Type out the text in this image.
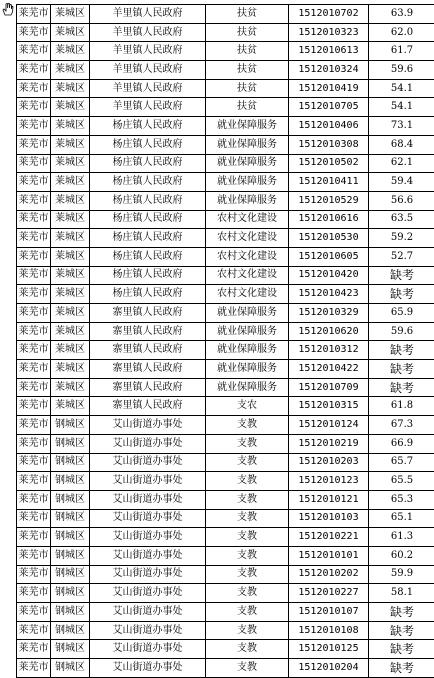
莱芜市	莱城区	羊里镇人民政府	扶贫	1512010702	63.9
莱芜市	莱城区	羊里镇人民政府	扶贫	1512010323	62.0
莱芜市	莱城区	羊里镇人民政府	扶贫	1512010613	61.7
莱芜市	莱城区	羊里镇人民政府	扶贫	1512010324	59.6
莱芜市	莱城区	羊里镇人民政府	扶贫	1512010419	54.1
莱芜市	莱城区	羊里镇人民政府	扶贫	1512010705	54.1
莱芜市	莱城区	杨庄镇人民政府	就业保障服务	1512010406	73.1
莱芜市	莱城区	杨庄镇人民政府	就业保障服务	1512010308	68.4
莱芜市	莱城区	杨庄镇人民政府	就业保障服务	1512010502	62.1
莱芜市	莱城区	杨庄镇人民政府	就业保障服务	1512010411	59.4
莱芜市	莱城区	杨庄镇人民政府	就业保障服务	1512010529	56.6
莱芜市	莱城区	杨庄镇人民政府	农村文化建设	1512010616	63.5
莱芜市	莱城区	杨庄镇人民政府	农村文化建设	1512010530	59.2
莱芜市	莱城区	杨庄镇人民政府	农村文化建设	1512010605	52.7
莱芜市	莱城区	杨庄镇人民政府	农村文化建设	1512010420	缺考
莱芜市	莱城区	杨庄镇人民政府	农村文化建设	1512010423	缺考
莱芜市	莱城区	寨里镇人民政府	就业保障服务	1512010329	65.9
莱芜市	莱城区	寨里镇人民政府	就业保障服务	1512010620	59.6
莱芜市	莱城区	寨里镇人民政府	就业保障服务	1512010312	缺考
莱芜市	莱城区	寨里镇人民政府	就业保障服务	1512010422	缺考
莱芜市	莱城区	寨里镇人民政府	就业保障服务	1512010709	缺考
莱芜市	莱城区	寨里镇人民政府	支农	1512010315	61.8
莱芜市	钢城区	艾山街道办事处	支教	1512010124	67.3
莱芜市	钢城区	艾山街道办事处	支教	1512010219	66.9
莱芜市	钢城区	艾山街道办事处	支教	1512010203	65.7
莱芜市	钢城区	艾山街道办事处	支教	1512010123	65.5
莱芜市	钢城区	艾山街道办事处	支教	1512010121	65.3
莱芜市	钢城区	艾山街道办事处	支教	1512010103	65.1
莱芜市	钢城区	艾山街道办事处	支教	1512010221	61.3
莱芜市	钢城区	艾山街道办事处	支教	1512010101	60.2
莱芜市	钢城区	艾山街道办事处	支教	1512010202	59.9
莱芜市	钢城区	艾山街道办事处	支教	1512010227	58.1
莱芜市	钢城区	艾山街道办事处	支教	1512010107	缺考
莱芜市	钢城区	艾山街道办事处	支教	1512010108	缺考
莱芜市	钢城区	艾山街道办事处	支教	1512010125	缺考
莱芜市	钢城区	艾山街道办事处	支教	1512010204	缺考
